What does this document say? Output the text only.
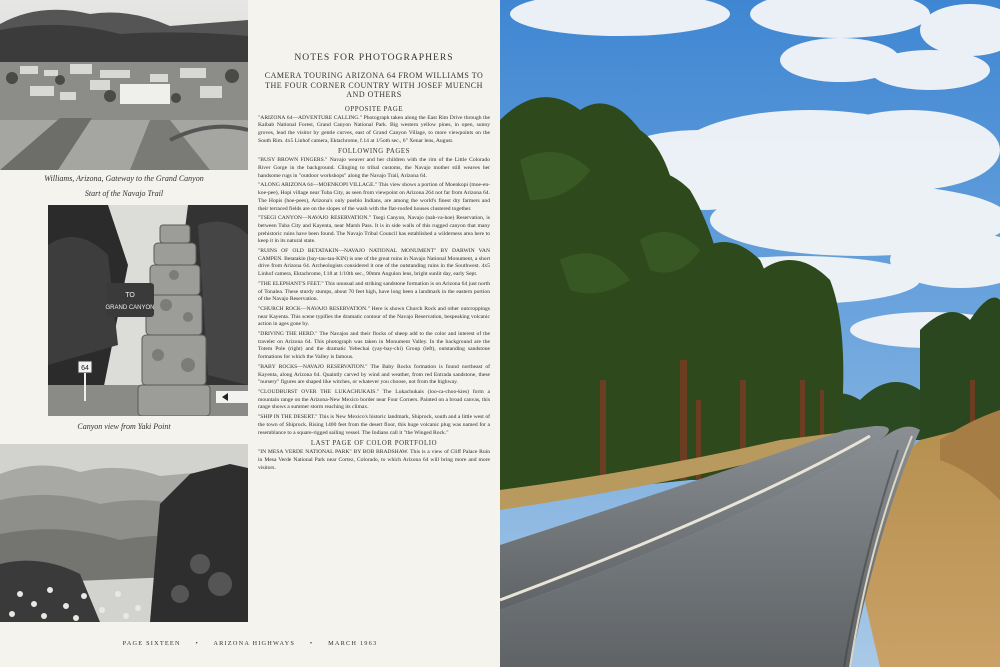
Williams, Arizona, Gateway to the Grand Canyon
Start of the Navajo Trail
TO
GRAND CANYON
64
Canyon view from Yaki Point
NOTES FOR PHOTOGRAPHERS
CAMERA TOURING ARIZONA 64 FROM WILLIAMS TO THE FOUR CORNER COUNTRY WITH JOSEF MUENCH AND OTHERS
OPPOSITE PAGE

"ARIZONA 64—ADVENTURE CALLING." Photograph taken along the East Rim Drive through the Kaibab National Forest, Grand Canyon National Park. Big western yellow pines, in open, sunny groves, lead the visitor by gentle curves, east of Grand Canyon Village, to more viewpoints on the South Rim. 4x5 Linhof camera, Ektachrome, f.14 at 1/5oth sec., 6" Xenar lens, August.

FOLLOWING PAGES

"BUSY BROWN FINGERS." Navajo weaver and her children with the rim of the Little Colorado River Gorge in the background. Clinging to tribal customs, the Navajo mother still weaves her handsome rugs in "outdoor workshops" along the Navajo Trail, Arizona 64.

"ALONG ARIZONA 64—MOENKOPI VILLAGE." This view shows a portion of Moenkopi (moe-en-koe-pee), Hopi village near Tuba City, as seen from viewpoint on Arizona 264 not far from Arizona 64. The Hopis (hoe-pees), Arizona's only pueblo Indians, are among the world's finest dry farmers and their terraced fields are on the slopes of the wash with the flat-roofed houses clustered together.

"TSEGI CANYON—NAVAJO RESERVATION." Tsegi Canyon, Navajo (nah-va-hoe) Reservation, is between Tuba City and Kayenta, near Marsh Pass. It is in side walls of this rugged canyon that many prehistoric ruins have been found. The Navajo Tribal Council has established a wilderness area here to keep it in its natural state.

"RUINS OF OLD BETATAKIN—NAVAJO NATIONAL MONUMENT" BY DARWIN VAN CAMPEN. Betatakin (bay-tau-tau-KIN) is one of the great ruins in Navajo National Monument, a short drive from Arizona 64. Archeologists considered it one of the outstanding ruins in the Southwest. 4x5 Linhof camera, Ektachrome, f.18 at 1/10th sec., 90mm Angulon lens, bright sunlit day, early Sept.

"THE ELEPHANT'S FEET." This unusual and striking sandstone formation is on Arizona 64 just north of Tonalea. These sturdy stumps, about 70 feet high, have long been a landmark in the eastern portion of the Navajo Reservation.

"CHURCH ROCK—NAVAJO RESERVATION." Here is shown Church Rock and other outcroppings near Kayenta. This scene typifies the dramatic contour of the Navajo Reservation, bespeaking volcanic action in ages gone by.

"DRIVING THE HERD." The Navajos and their flocks of sheep add to the color and interest of the traveler on Arizona 64. This photograph was taken in Monument Valley. In the background are the Totem Pole (right) and the dramatic Yebechai (yay-bay-chi) Group (left), outstanding sandstone formations for which the Valley is famous.

"BABY ROCKS—NAVAJO RESERVATION." The Baby Rocks formation is found northeast of Kayenta, along Arizona 64. Quaintly carved by wind and weather, from red Entrada sandstone, these "nursery" figures are shaped like witches, or whatever you choose, not from the highway.

"CLOUDBURST OVER THE LUKACHUKAIS." The Lukachukais (loo-ca-choo-kies) form a mountain range on the Arizona-New Mexico border near Four Corners. Painted on a broad canvas, this range shows a summer storm reaching its climax.

"SHIP IN THE DESERT." This is New Mexico's historic landmark, Shiprock, south and a little west of the town of Shiprock. Rising 1400 feet from the desert floor, this huge volcanic plug was named for a resemblance to a square-rigged sailing vessel. The Indians call it "the Winged Rock."

LAST PAGE OF COLOR PORTFOLIO

"IN MESA VERDE NATIONAL PARK" BY BOB BRADSHAW. This is a view of Cliff Palace Ruin in Mesa Verde National Park near Cortez, Colorado, to which Arizona 64 will bring more and more visitors.

PAGE SIXTEEN • ARIZONA HIGHWAYS • MARCH 1963
